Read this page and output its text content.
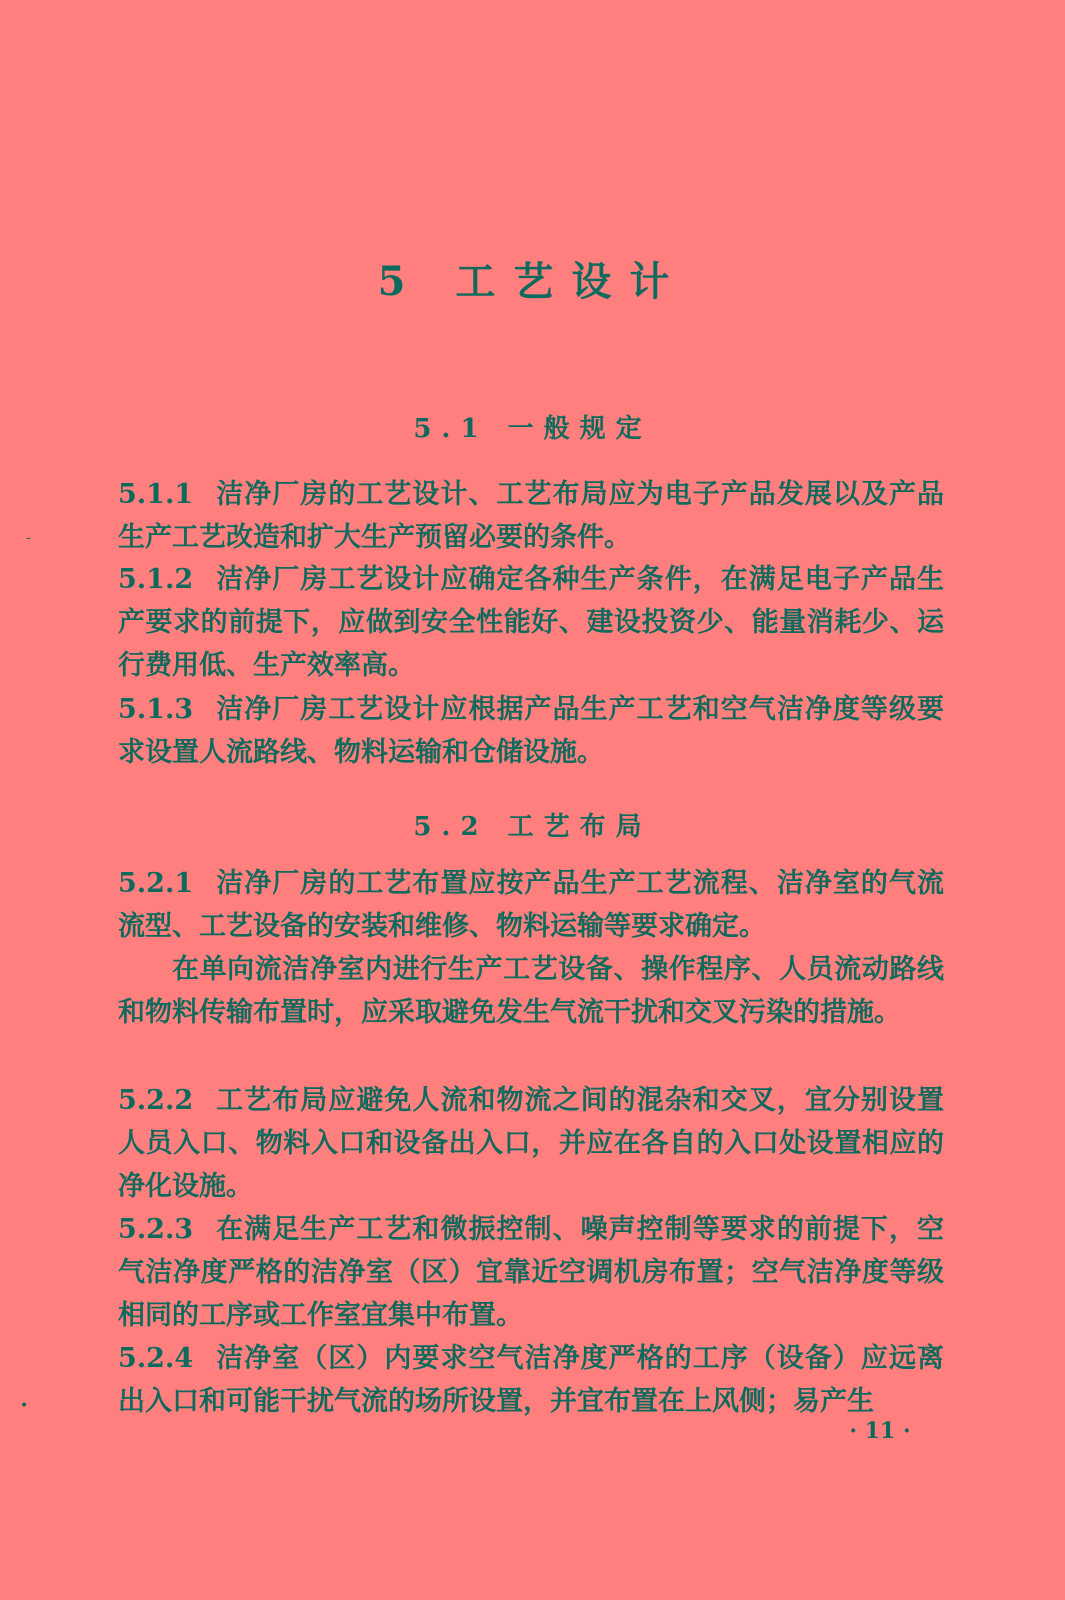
5 工艺设计
5.1 一般规定
5.1.1 洁净厂房的工艺设计、工艺布局应为电子产品发展以及产品生产工艺改造和扩大生产预留必要的条件。
5.1.2 洁净厂房工艺设计应确定各种生产条件，在满足电子产品生产要求的前提下，应做到安全性能好、建设投资少、能量消耗少、运行费用低、生产效率高。
5.1.3 洁净厂房工艺设计应根据产品生产工艺和空气洁净度等级要求设置人流路线、物料运输和仓储设施。
5.2 工艺布局
5.2.1 洁净厂房的工艺布置应按产品生产工艺流程、洁净室的气流流型、工艺设备的安装和维修、物料运输等要求确定。
在单向流洁净室内进行生产工艺设备、操作程序、人员流动路线和物料传输布置时，应采取避免发生气流干扰和交叉污染的措施。
5.2.2 工艺布局应避免人流和物流之间的混杂和交叉，宜分别设置人员入口、物料入口和设备出入口，并应在各自的入口处设置相应的净化设施。
5.2.3 在满足生产工艺和微振控制、噪声控制等要求的前提下，空气洁净度严格的洁净室（区）宜靠近空调机房布置；空气洁净度等级相同的工序或工作室宜集中布置。
5.2.4 洁净室（区）内要求空气洁净度严格的工序（设备）应远离出入口和可能干扰气流的场所设置，并宜布置在上风侧；易产生
· 11 ·
-
•
